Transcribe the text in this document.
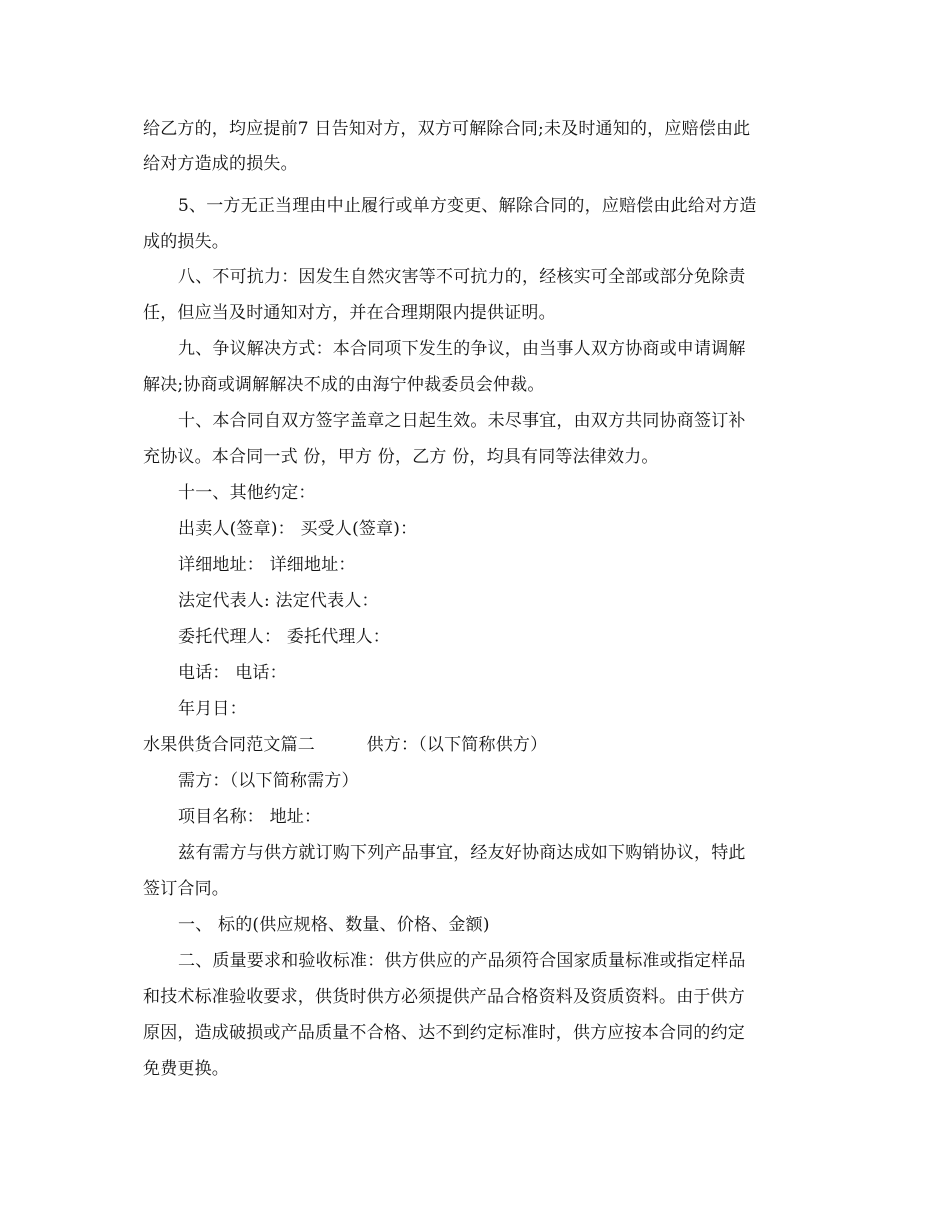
给乙方的，均应提前7 日告知对方，双方可解除合同;未及时通知的，应赔偿由此
给对方造成的损失。
5、一方无正当理由中止履行或单方变更、解除合同的，应赔偿由此给对方造
成的损失。
八、不可抗力：因发生自然灾害等不可抗力的，经核实可全部或部分免除责
任，但应当及时通知对方，并在合理期限内提供证明。
九、争议解决方式：本合同项下发生的争议，由当事人双方协商或申请调解
解决;协商或调解解决不成的由海宁仲裁委员会仲裁。
十、本合同自双方签字盖章之日起生效。未尽事宜，由双方共同协商签订补
充协议。本合同一式 份，甲方 份，乙方 份，均具有同等法律效力。
十一、其他约定：
出卖人(签章)： 买受人(签章)：
详细地址： 详细地址：
法定代表人: 法定代表人：
委托代理人： 委托代理人：
电话： 电话：
年月日：
水果供货合同范文篇二　　　供方：（以下简称供方）
需方：（以下简称需方）
项目名称： 地址：
兹有需方与供方就订购下列产品事宜，经友好协商达成如下购销协议，特此
签订合同。
一、 标的(供应规格、数量、价格、金额)
二、质量要求和验收标准：供方供应的产品须符合国家质量标准或指定样品
和技术标准验收要求，供货时供方必须提供产品合格资料及资质资料。由于供方
原因，造成破损或产品质量不合格、达不到约定标准时，供方应按本合同的约定
免费更换。
